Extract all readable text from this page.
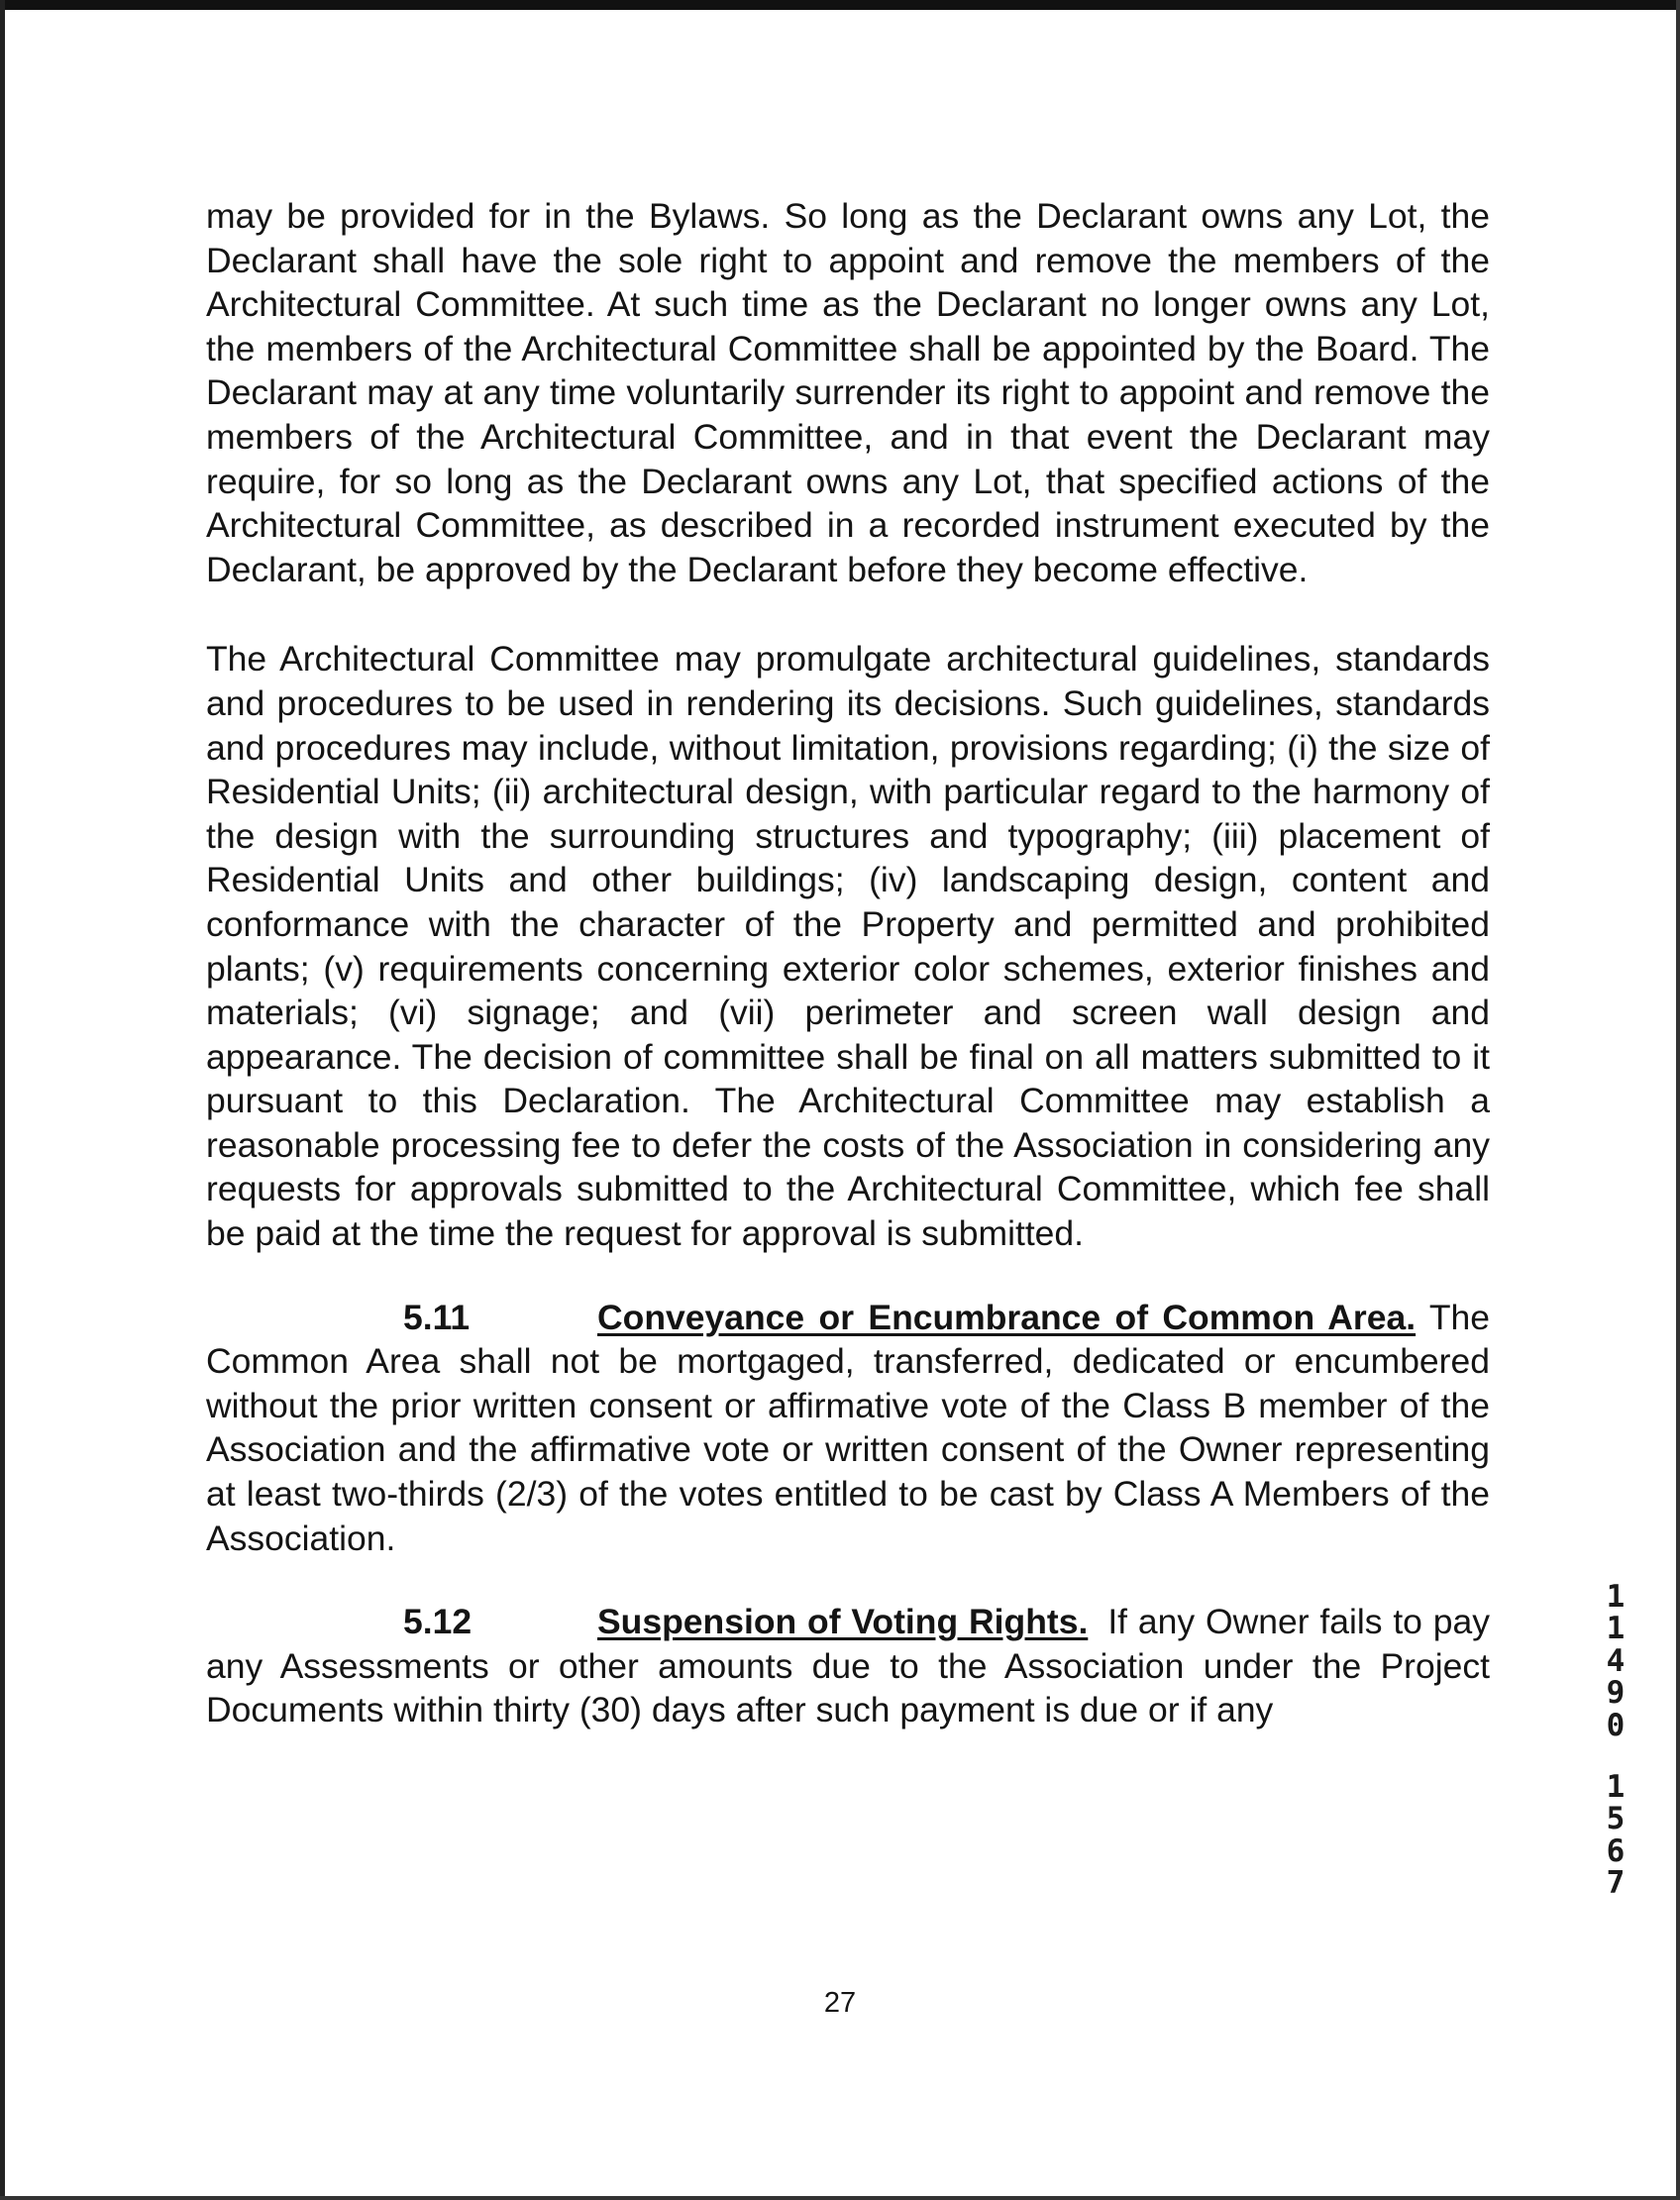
may be provided for in the Bylaws. So long as the Declarant owns any Lot, the Declarant shall have the sole right to appoint and remove the members of the Architectural Committee. At such time as the Declarant no longer owns any Lot, the members of the Architectural Committee shall be appointed by the Board. The Declarant may at any time voluntarily surrender its right to appoint and remove the members of the Architectural Committee, and in that event the Declarant may require, for so long as the Declarant owns any Lot, that specified actions of the Architectural Committee, as described in a recorded instrument executed by the Declarant, be approved by the Declarant before they become effective.

The Architectural Committee may promulgate architectural guidelines, standards and procedures to be used in rendering its decisions. Such guidelines, standards and procedures may include, without limitation, provisions regarding; (i) the size of Residential Units; (ii) architectural design, with particular regard to the harmony of the design with the surrounding structures and typography; (iii) placement of Residential Units and other buildings; (iv) landscaping design, content and conformance with the character of the Property and permitted and prohibited plants; (v) requirements concerning exterior color schemes, exterior finishes and materials; (vi) signage; and (vii) perimeter and screen wall design and appearance. The decision of committee shall be final on all matters submitted to it pursuant to this Declaration. The Architectural Committee may establish a reasonable processing fee to defer the costs of the Association in considering any requests for approvals submitted to the Architectural Committee, which fee shall be paid at the time the request for approval is submitted.

5.11	Conveyance or Encumbrance of Common Area. The Common Area shall not be mortgaged, transferred, dedicated or encumbered without the prior written consent or affirmative vote of the Class B member of the Association and the affirmative vote or written consent of the Owner representing at least two-thirds (2/3) of the votes entitled to be cast by Class A Members of the Association.

5.12	Suspension of Voting Rights. If any Owner fails to pay any Assessments or other amounts due to the Association under the Project Documents within thirty (30) days after such payment is due or if any

1
1
4
9
0
1
5
6
7
27
